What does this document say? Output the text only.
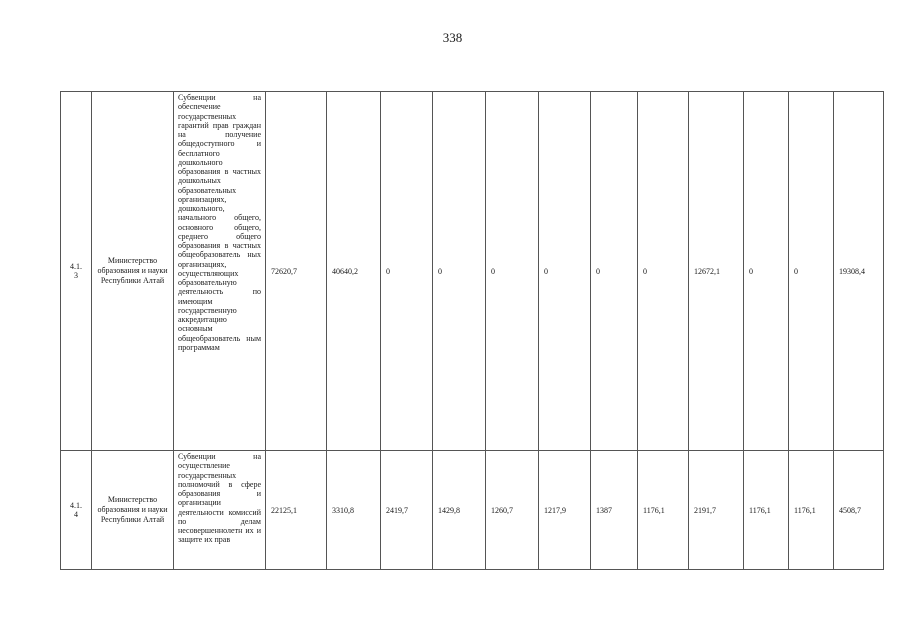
338
4.1.
3	Министерство образования и науки Республики Алтай	Субвенции на обеспечение государственных гарантий прав граждан на получение общедоступного и бесплатного дошкольного образования в частных дошкольных образовательных организациях, дошкольного, начального общего, основного общего, среднего общего образования в частных общеобразователь ных организациях, осуществляющих образовательную деятельность по имеющим государственную аккредитацию основным общеобразователь ным программам	72620,7	40640,2	0	0	0	0	0	0	12672,1	0	0	19308,4
4.1.
4	Министерство образования и науки Республики Алтай	Субвенции на осуществление государственных полномочий в сфере образования и организации деятельности комиссий по делам несовершеннолетн их и защите их прав	22125,1	3310,8	2419,7	1429,8	1260,7	1217,9	1387	1176,1	2191,7	1176,1	1176,1	4508,7
